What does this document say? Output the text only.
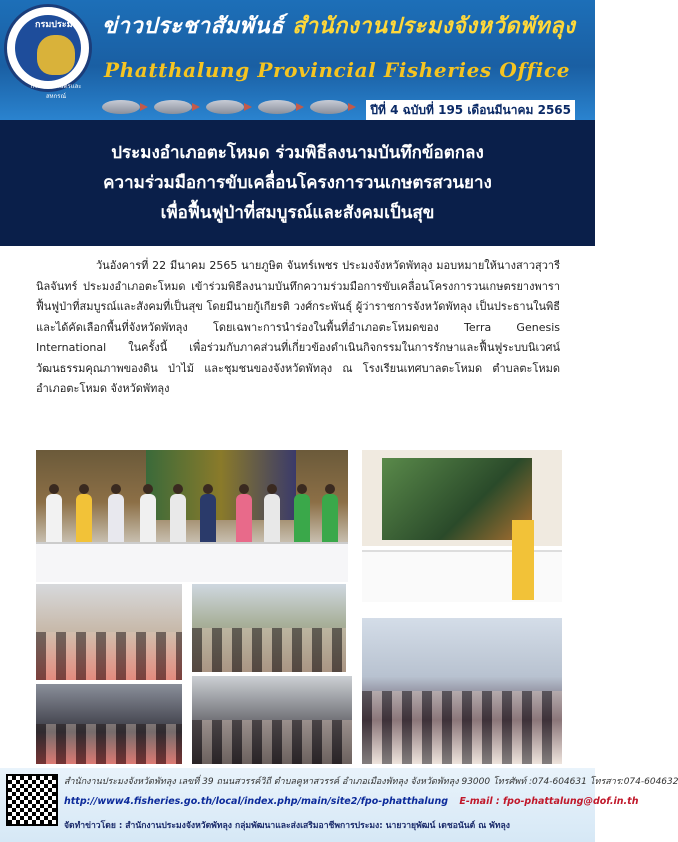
กรมประมง
กระทรวงเกษตรและสหกรณ์
ข่าวประชาสัมพันธ์ สำนักงานประมงจังหวัดพัทลุง
Phatthalung Provincial Fisheries Office
ปีที่ 4 ฉบับที่ 195 เดือนมีนาคม 2565
ประมงอำเภอตะโหมด ร่วมพิธีลงนามบันทึกข้อตกลง
ความร่วมมือการขับเคลื่อนโครงการวนเกษตรสวนยาง
เพื่อฟื้นฟูป่าที่สมบูรณ์และสังคมเป็นสุข
วันอังคารที่ 22 มีนาคม 2565 นายภูษิต จันทร์เพชร ประมงจังหวัดพัทลุง มอบหมายให้นางสาวสุวารี นิลจันทร์ ประมงอำเภอตะโหมด เข้าร่วมพิธีลงนามบันทึกความร่วมมือการขับเคลื่อนโครงการวนเกษตรยางพาราฟื้นฟูป่าที่สมบูรณ์และสังคมที่เป็นสุข โดยมีนายกู้เกียรติ วงศ์กระพันธุ์ ผู้ว่าราชการจังหวัดพัทลุง เป็นประธานในพิธี และได้คัดเลือกพื้นที่จังหวัดพัทลุง โดยเฉพาะการนำร่องในพื้นที่อำเภอตะโหมดของ Terra Genesis International ในครั้งนี้ เพื่อร่วมกับภาคส่วนที่เกี่ยวข้องดำเนินกิจกรรมในการรักษาและฟื้นฟูระบบนิเวศน์ วัฒนธรรมคุณภาพของดิน ป่าไม้ และชุมชนของจังหวัดพัทลุง ณ โรงเรียนเทศบาลตะโหมด ตำบลตะโหมด อำเภอตะโหมด จังหวัดพัทลุง
สำนักงานประมงจังหวัดพัทลุง เลขที่ 39 ถนนสวรรค์วิถี ตำบลคูหาสวรรค์ อำเภอเมืองพัทลุง จังหวัดพัทลุง 93000 โทรศัพท์ :074-604631 โทรสาร:074-604632
http://www4.fisheries.go.th/local/index.php/main/site2/fpo-phatthalung E-mail : fpo-phattalung@dof.in.th
จัดทำข่าวโดย : สำนักงานประมงจังหวัดพัทลุง กลุ่มพัฒนาและส่งเสริมอาชีพการประมง: นายวายุพัฒน์ เดชอนันต์ ณ พัทลุง
